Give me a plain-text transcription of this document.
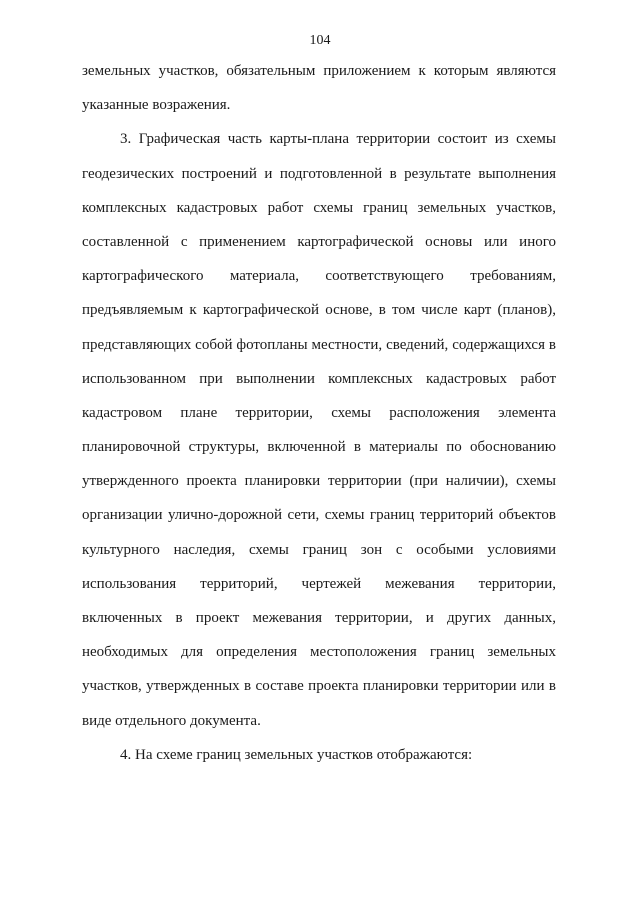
104
земельных участков, обязательным приложением к которым являются
указанные возражения.
3. Графическая часть карты-плана территории состоит из схемы
геодезических построений и подготовленной в результате выполнения
комплексных кадастровых работ схемы границ земельных участков,
составленной с применением картографической основы или иного
картографического материала, соответствующего требованиям,
предъявляемым к картографической основе, в том числе карт (планов),
представляющих собой фотопланы местности, сведений, содержащихся в
использованном при выполнении комплексных кадастровых работ
кадастровом плане территории, схемы расположения элемента
планировочной структуры, включенной в материалы по обоснованию
утвержденного проекта планировки территории (при наличии), схемы
организации улично-дорожной сети, схемы границ территорий объектов
культурного наследия, схемы границ зон с особыми условиями
использования территорий, чертежей межевания территории,
включенных в проект межевания территории, и других данных,
необходимых для определения местоположения границ земельных
участков, утвержденных в составе проекта планировки территории или в
виде отдельного документа.
4. На схеме границ земельных участков отображаются:
